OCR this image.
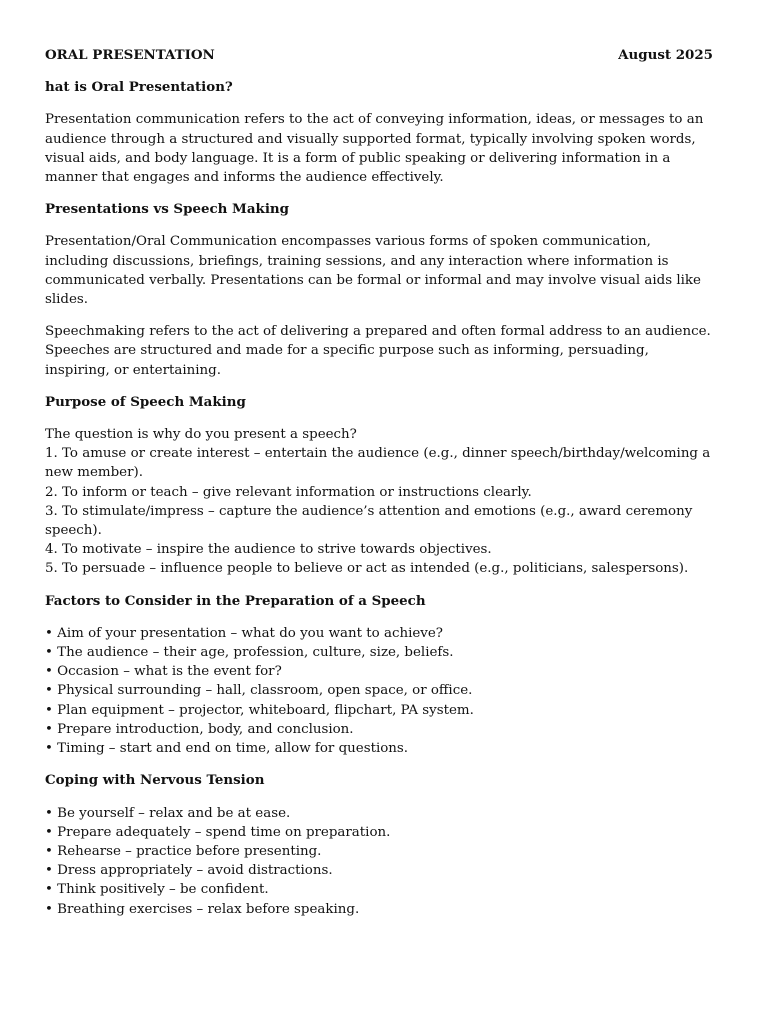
ORAL PRESENTATION	August 2025
hat is Oral Presentation?

Presentation communication refers to the act of conveying information, ideas, or messages to an audience through a structured and visually supported format, typically involving spoken words, visual aids, and body language. It is a form of public speaking or delivering information in a manner that engages and informs the audience effectively.

Presentations vs Speech Making

Presentation/Oral Communication encompasses various forms of spoken communication, including discussions, briefings, training sessions, and any interaction where information is communicated verbally. Presentations can be formal or informal and may involve visual aids like slides.

Speechmaking refers to the act of delivering a prepared and often formal address to an audience. Speeches are structured and made for a specific purpose such as informing, persuading, inspiring, or entertaining.

Purpose of Speech Making
The question is why do you present a speech?
1. To amuse or create interest – entertain the audience (e.g., dinner speech/birthday/welcoming a new member).
2. To inform or teach – give relevant information or instructions clearly.
3. To stimulate/impress – capture the audience’s attention and emotions (e.g., award ceremony speech).
4. To motivate – inspire the audience to strive towards objectives.
5. To persuade – influence people to believe or act as intended (e.g., politicians, salespersons).
Factors to Consider in the Preparation of a Speech
• Aim of your presentation – what do you want to achieve?
• The audience – their age, profession, culture, size, beliefs.
• Occasion – what is the event for?
• Physical surrounding – hall, classroom, open space, or office.
• Plan equipment – projector, whiteboard, flipchart, PA system.
• Prepare introduction, body, and conclusion.
• Timing – start and end on time, allow for questions.
Coping with Nervous Tension
• Be yourself – relax and be at ease.
• Prepare adequately – spend time on preparation.
• Rehearse – practice before presenting.
• Dress appropriately – avoid distractions.
• Think positively – be confident.
• Breathing exercises – relax before speaking.
